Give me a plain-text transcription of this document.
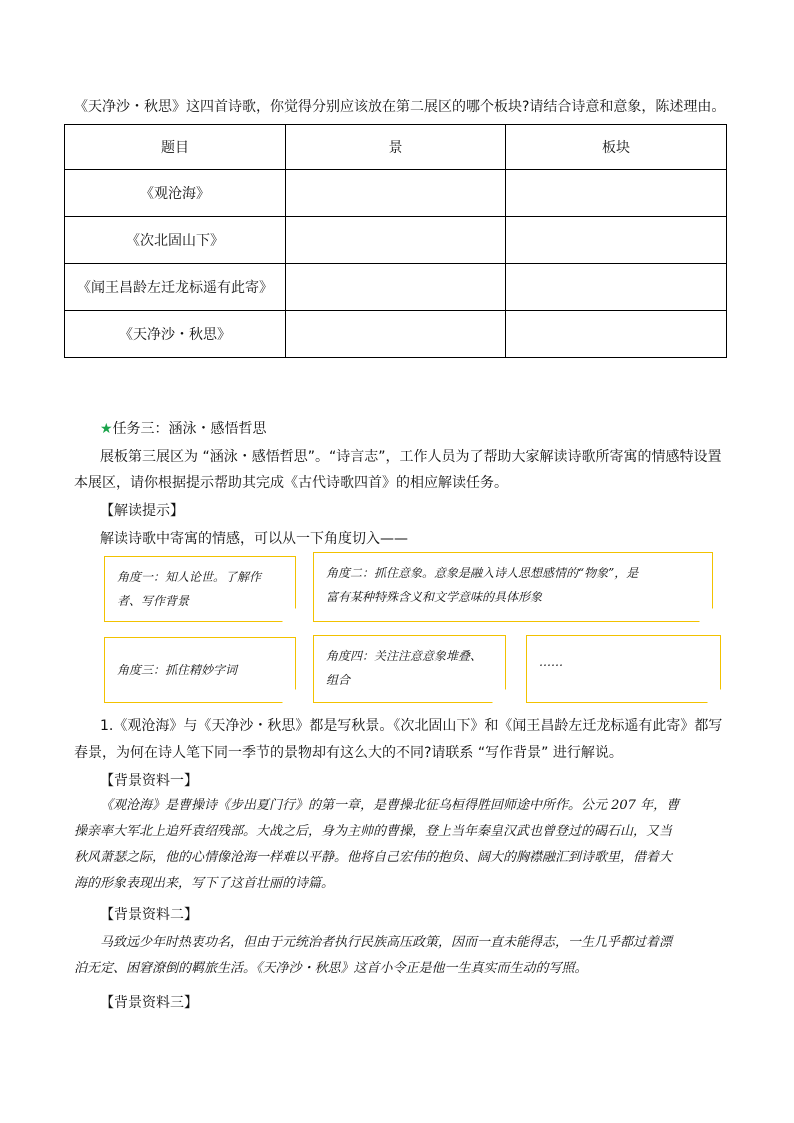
《天净沙・秋思》这四首诗歌，你觉得分别应该放在第二展区的哪个板块?请结合诗意和意象，陈述理由。
题目	景	板块
《观沧海》		
《次北固山下》		
《闻王昌龄左迁龙标遥有此寄》		
《天净沙・秋思》		
★任务三：涵泳・感悟哲思
展板第三展区为 “涵泳・感悟哲思”。“诗言志”，工作人员为了帮助大家解读诗歌所寄寓的情感特设置
本展区，请你根据提示帮助其完成《古代诗歌四首》的相应解读任务。
【解读提示】
解读诗歌中寄寓的情感，可以从一下角度切入——
角度一：知人论世。了解作
者、写作背景
角度二：抓住意象。意象是融入诗人思想感情的“物象”，是
富有某种特殊含义和文学意味的具体形象
角度三：抓住精妙字词
角度四：关注注意意象堆叠、
组合
……
1.《观沧海》与《天净沙・秋思》都是写秋景。《次北固山下》和《闻王昌龄左迁龙标遥有此寄》都写
春景，为何在诗人笔下同一季节的景物却有这么大的不同?请联系 “写作背景” 进行解说。
【背景资料一】
《观沧海》是曹操诗《步出夏门行》的第一章，是曹操北征乌桓得胜回师途中所作。公元 207 年，曹
操亲率大军北上追歼袁绍残部。大战之后，身为主帅的曹操，登上当年秦皇汉武也曾登过的碣石山，又当
秋风萧瑟之际，他的心情像沧海一样难以平静。他将自己宏伟的抱负、阔大的胸襟融汇到诗歌里，借着大
海的形象表现出来，写下了这首壮丽的诗篇。
【背景资料二】
马致远少年时热衷功名，但由于元统治者执行民族高压政策，因而一直未能得志，一生几乎都过着漂
泊无定、困窘潦倒的羁旅生活。《天净沙・秋思》这首小令正是他一生真实而生动的写照。
【背景资料三】
